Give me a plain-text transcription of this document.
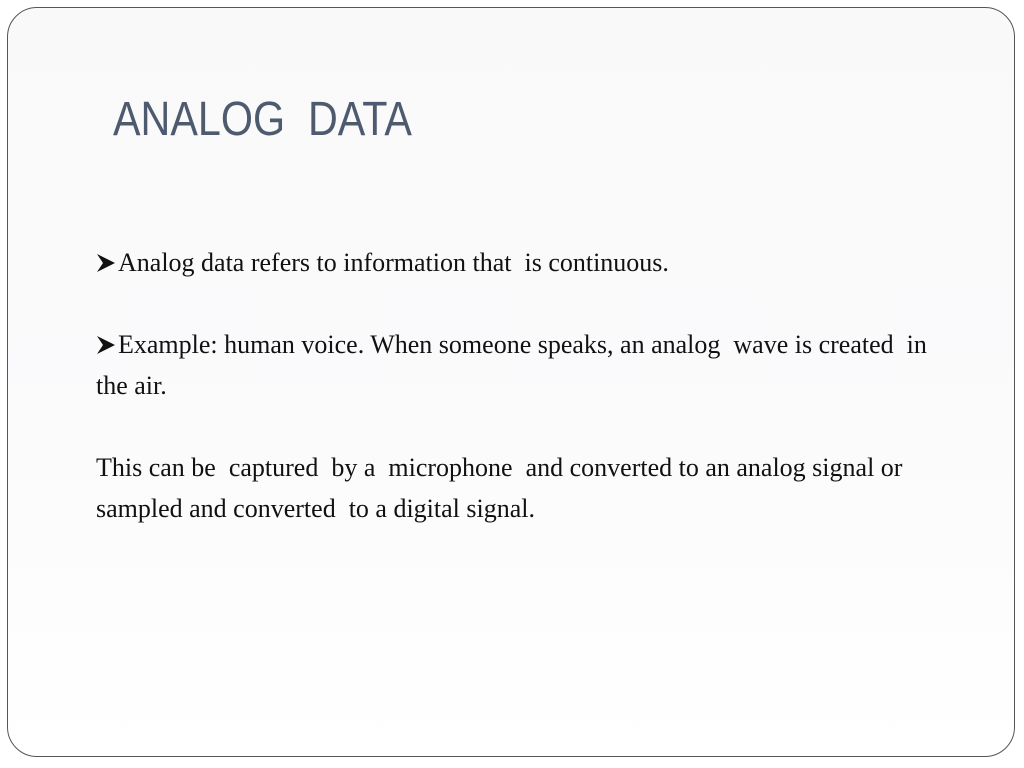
ANALOG  DATA

Analog data refers to information that  is continuous.

Example: human voice. When someone speaks, an analog  wave is created  in the air.

This can be  captured  by a  microphone  and converted to an analog signal or sampled and converted  to a digital signal.
